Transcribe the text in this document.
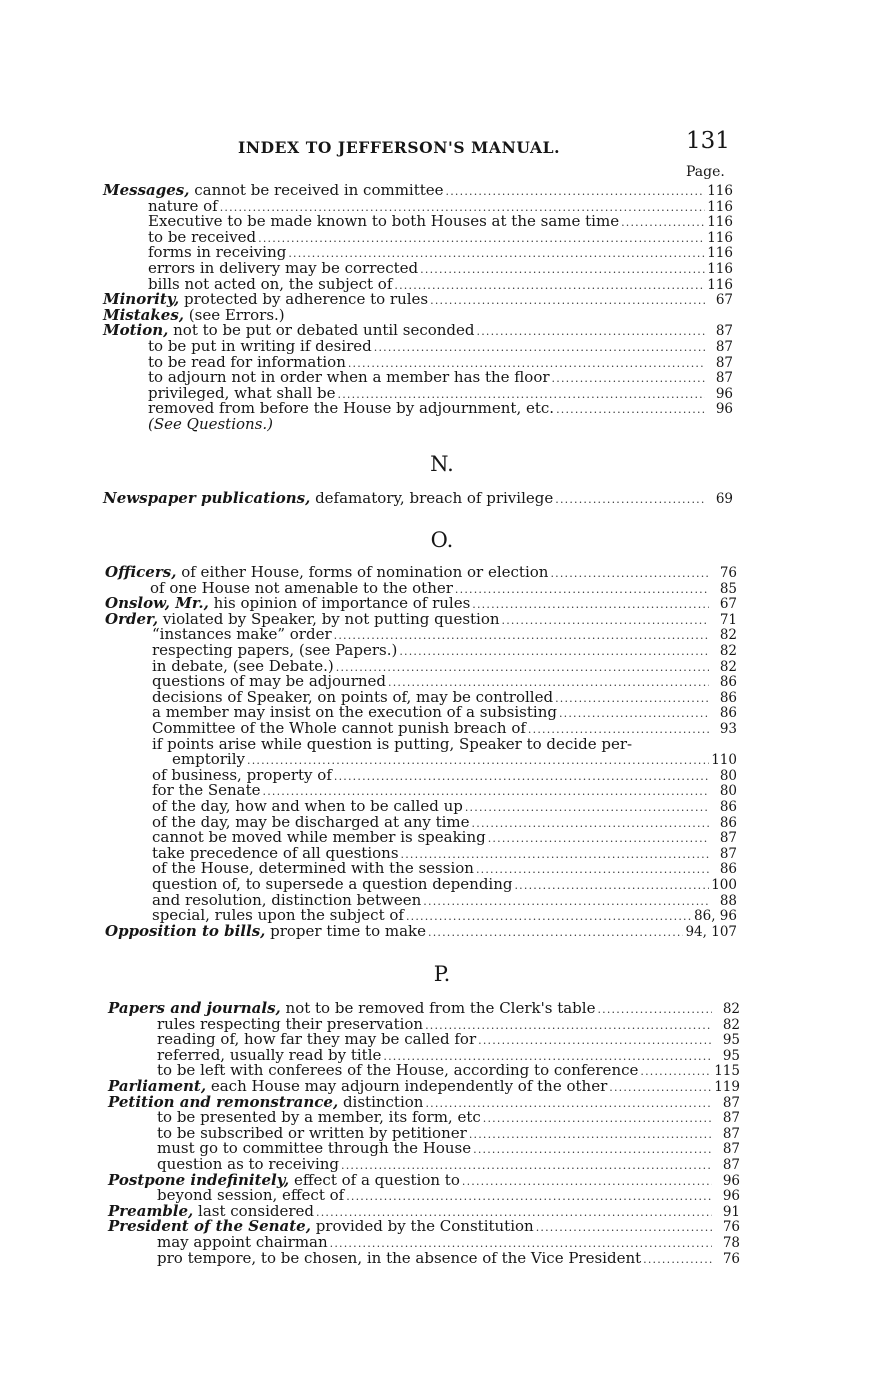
INDEX TO JEFFERSON'S MANUAL.	131
Page.
Messages, cannot be received in committee .....	116
nature of .....	116
Executive to be made known to both Houses at the same time .....	116
to be received .....	116
forms in receiving .....	116
errors in delivery may be corrected .....	116
bills not acted on, the subject of .....	116
Minority, protected by adherence to rules .....	67
Mistakes, (see Errors.)
Motion, not to be put or debated until seconded .....	87
to be put in writing if desired .....	87
to be read for information .....	87
to adjourn not in order when a member has the floor .....	87
privileged, what shall be .....	96
removed from before the House by adjournment, etc. .....	96
(See Questions.)
N.
Newspaper publications, defamatory, breach of privilege .....	69
O.
Officers, of either House, forms of nomination or election .....	76
of one House not amenable to the other .....	85
Onslow, Mr., his opinion of importance of rules .....	67
Order, violated by Speaker, by not putting question .....	71
“instances make” order .....	82
respecting papers, (see Papers.) .....	82
in debate, (see Debate.) .....	82
questions of may be adjourned .....	86
decisions of Speaker, on points of, may be controlled .....	86
a member may insist on the execution of a subsisting .....	86
Committee of the Whole cannot punish breach of .....	93
if points arise while question is putting, Speaker to decide per-
emptorily .....	110
of business, property of .....	80
for the Senate .....	80
of the day, how and when to be called up .....	86
of the day, may be discharged at any time .....	86
cannot be moved while member is speaking .....	87
take precedence of all questions .....	87
of the House, determined with the session .....	86
question of, to supersede a question depending .....	100
and resolution, distinction between .....	88
special, rules upon the subject of .....	86, 96
Opposition to bills, proper time to make .....	94, 107
P.
Papers and journals, not to be removed from the Clerk's table .....	82
rules respecting their preservation .....	82
reading of, how far they may be called for .....	95
referred, usually read by title .....	95
to be left with conferees of the House, according to conference .....	115
Parliament, each House may adjourn independently of the other .....	119
Petition and remonstrance, distinction .....	87
to be presented by a member, its form, etc .....	87
to be subscribed or written by petitioner .....	87
must go to committee through the House .....	87
question as to receiving .....	87
Postpone indefinitely, effect of a question to .....	96
beyond session, effect of .....	96
Preamble, last considered .....	91
President of the Senate, provided by the Constitution .....	76
may appoint chairman .....	78
pro tempore, to be chosen, in the absence of the Vice President .....	76
